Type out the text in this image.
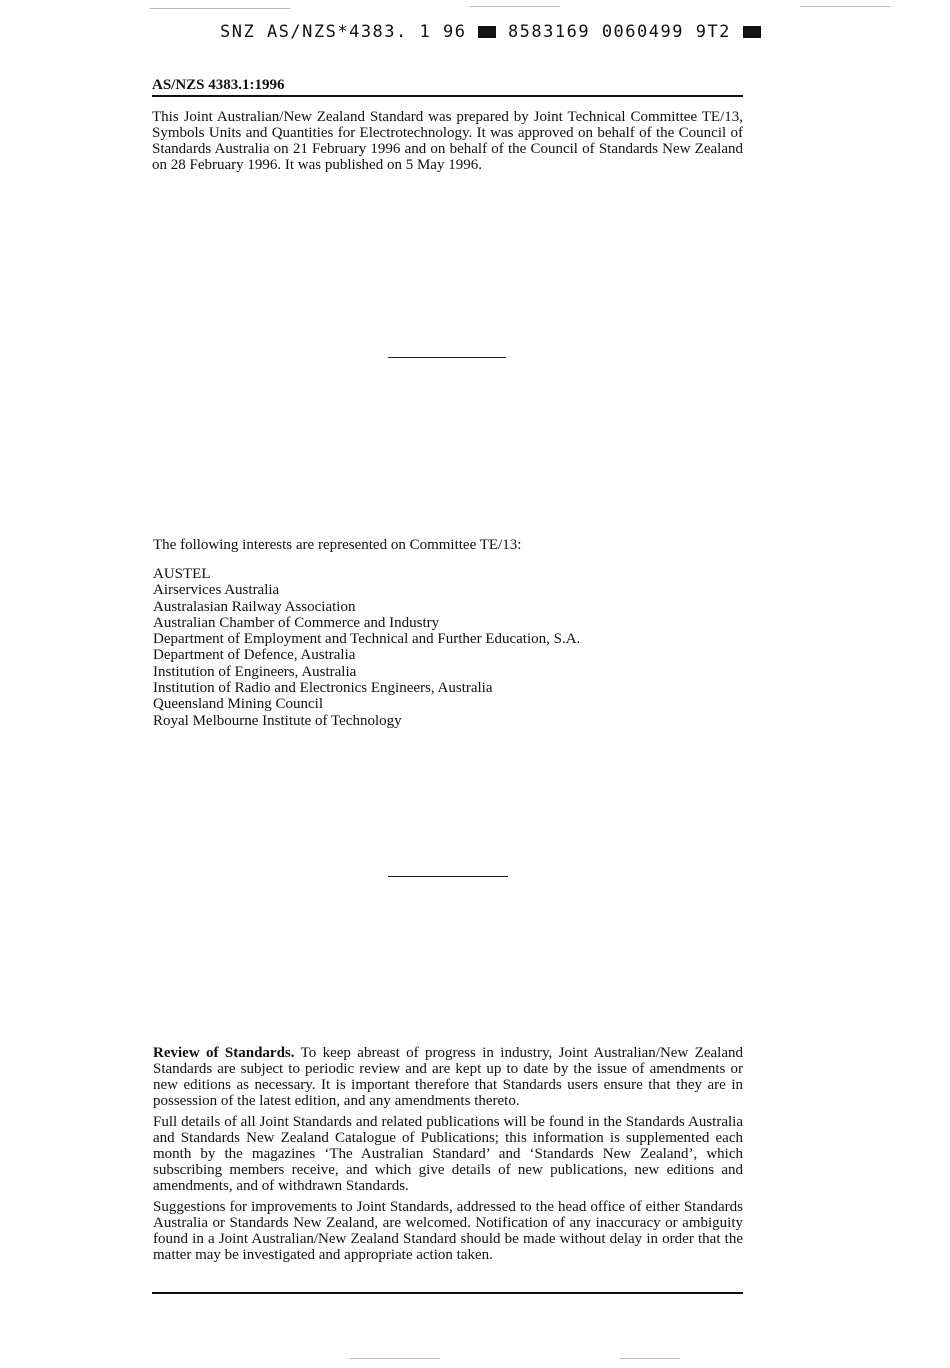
SNZ AS/NZS*4383. 1 96 8583169 0060499 9T2
AS/NZS 4383.1:1996
This Joint Australian/New Zealand Standard was prepared by Joint Technical Committee TE/13, Symbols Units and Quantities for Electrotechnology. It was approved on behalf of the Council of Standards Australia on 21 February 1996 and on behalf of the Council of Standards New Zealand on 28 February 1996. It was published on 5 May 1996.
The following interests are represented on Committee TE/13:
AUSTEL
Airservices Australia
Australasian Railway Association
Australian Chamber of Commerce and Industry
Department of Employment and Technical and Further Education, S.A.
Department of Defence, Australia
Institution of Engineers, Australia
Institution of Radio and Electronics Engineers, Australia
Queensland Mining Council
Royal Melbourne Institute of Technology

Review of Standards. To keep abreast of progress in industry, Joint Australian/New Zealand Standards are subject to periodic review and are kept up to date by the issue of amendments or new editions as necessary. It is important therefore that Standards users ensure that they are in possession of the latest edition, and any amendments thereto.

Full details of all Joint Standards and related publications will be found in the Standards Australia and Standards New Zealand Catalogue of Publications; this information is supplemented each month by the magazines ‘The Australian Standard’ and ‘Standards New Zealand’, which subscribing members receive, and which give details of new publications, new editions and amendments, and of withdrawn Standards.

Suggestions for improvements to Joint Standards, addressed to the head office of either Standards Australia or Standards New Zealand, are welcomed. Notification of any inaccuracy or ambiguity found in a Joint Australian/New Zealand Standard should be made without delay in order that the matter may be investigated and appropriate action taken.
